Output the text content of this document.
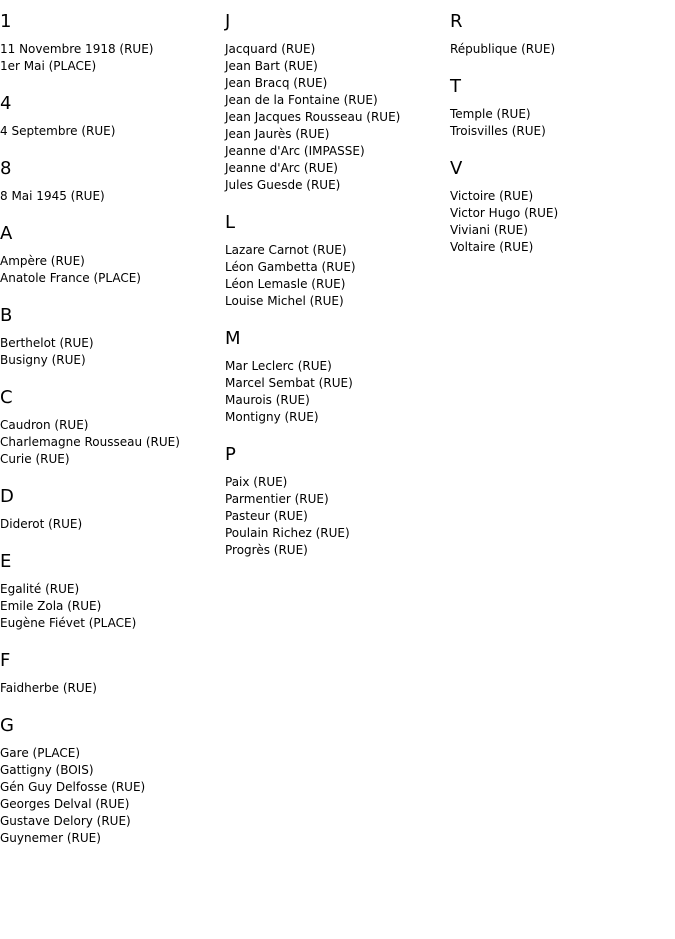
1
11 Novembre 1918 (RUE)
1er Mai (PLACE)
4
4 Septembre (RUE)
8
8 Mai 1945 (RUE)
A
Ampère (RUE)
Anatole France (PLACE)
B
Berthelot (RUE)
Busigny (RUE)
C
Caudron (RUE)
Charlemagne Rousseau (RUE)
Curie (RUE)
D
Diderot (RUE)
E
Egalité (RUE)
Emile Zola (RUE)
Eugène Fiévet (PLACE)
F
Faidherbe (RUE)
G
Gare (PLACE)
Gattigny (BOIS)
Gén Guy Delfosse (RUE)
Georges Delval (RUE)
Gustave Delory (RUE)
Guynemer (RUE)
J
Jacquard (RUE)
Jean Bart (RUE)
Jean Bracq (RUE)
Jean de la Fontaine (RUE)
Jean Jacques Rousseau (RUE)
Jean Jaurès (RUE)
Jeanne d'Arc (IMPASSE)
Jeanne d'Arc (RUE)
Jules Guesde (RUE)
L
Lazare Carnot (RUE)
Léon Gambetta (RUE)
Léon Lemasle (RUE)
Louise Michel (RUE)
M
Mar Leclerc (RUE)
Marcel Sembat (RUE)
Maurois (RUE)
Montigny (RUE)
P
Paix (RUE)
Parmentier (RUE)
Pasteur (RUE)
Poulain Richez (RUE)
Progrès (RUE)
R
République (RUE)
T
Temple (RUE)
Troisvilles (RUE)
V
Victoire (RUE)
Victor Hugo (RUE)
Viviani (RUE)
Voltaire (RUE)
